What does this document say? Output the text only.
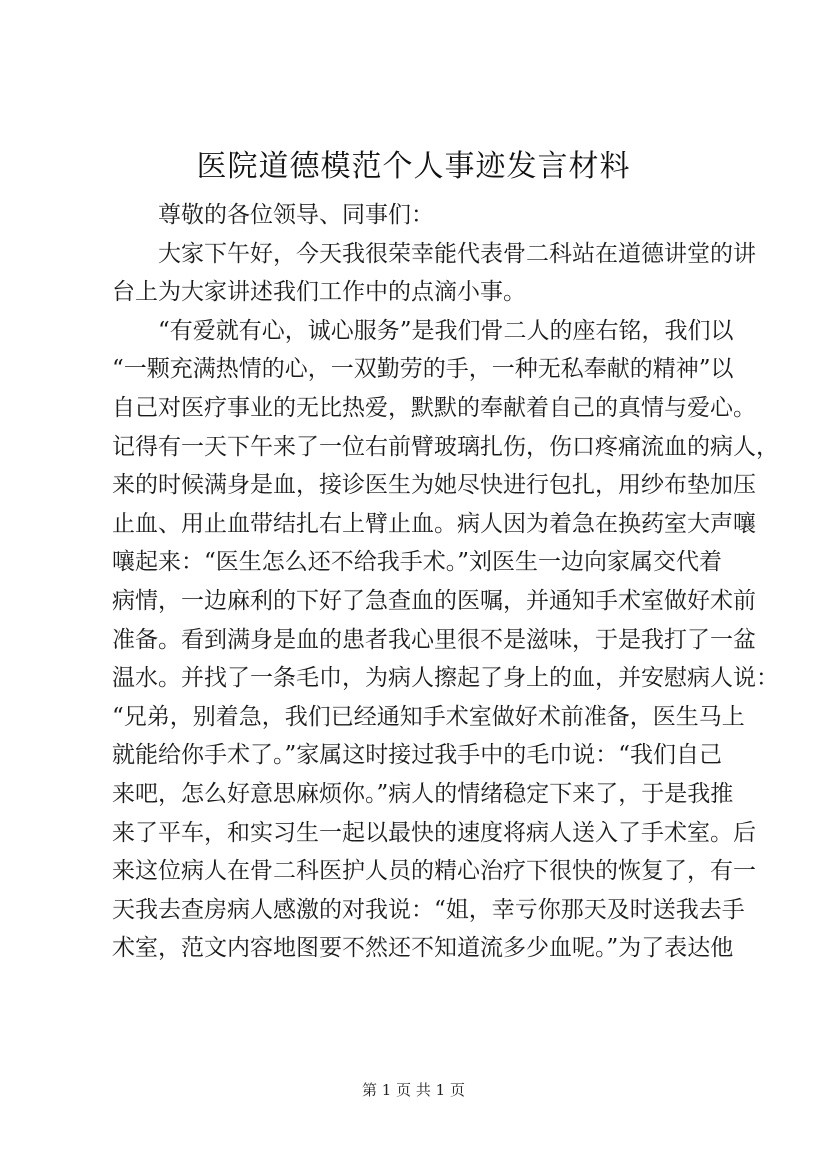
医院道德模范个人事迹发言材料
尊敬的各位领导、同事们：
大家下午好，今天我很荣幸能代表骨二科站在道德讲堂的讲
台上为大家讲述我们工作中的点滴小事。
“有爱就有心，诚心服务”是我们骨二人的座右铭，我们以
“一颗充满热情的心，一双勤劳的手，一种无私奉献的精神”以
自己对医疗事业的无比热爱，默默的奉献着自己的真情与爱心。
记得有一天下午来了一位右前臂玻璃扎伤，伤口疼痛流血的病人，
来的时候满身是血，接诊医生为她尽快进行包扎，用纱布垫加压
止血、用止血带结扎右上臂止血。病人因为着急在换药室大声嚷
嚷起来：“医生怎么还不给我手术。”刘医生一边向家属交代着
病情，一边麻利的下好了急查血的医嘱，并通知手术室做好术前
准备。看到满身是血的患者我心里很不是滋味，于是我打了一盆
温水。并找了一条毛巾，为病人擦起了身上的血，并安慰病人说：
“兄弟，别着急，我们已经通知手术室做好术前准备，医生马上
就能给你手术了。”家属这时接过我手中的毛巾说：“我们自己
来吧，怎么好意思麻烦你。”病人的情绪稳定下来了，于是我推
来了平车，和实习生一起以最快的速度将病人送入了手术室。后
来这位病人在骨二科医护人员的精心治疗下很快的恢复了，有一
天我去查房病人感激的对我说：“姐，幸亏你那天及时送我去手
术室，范文内容地图要不然还不知道流多少血呢。”为了表达他
第 1 页 共 1 页
